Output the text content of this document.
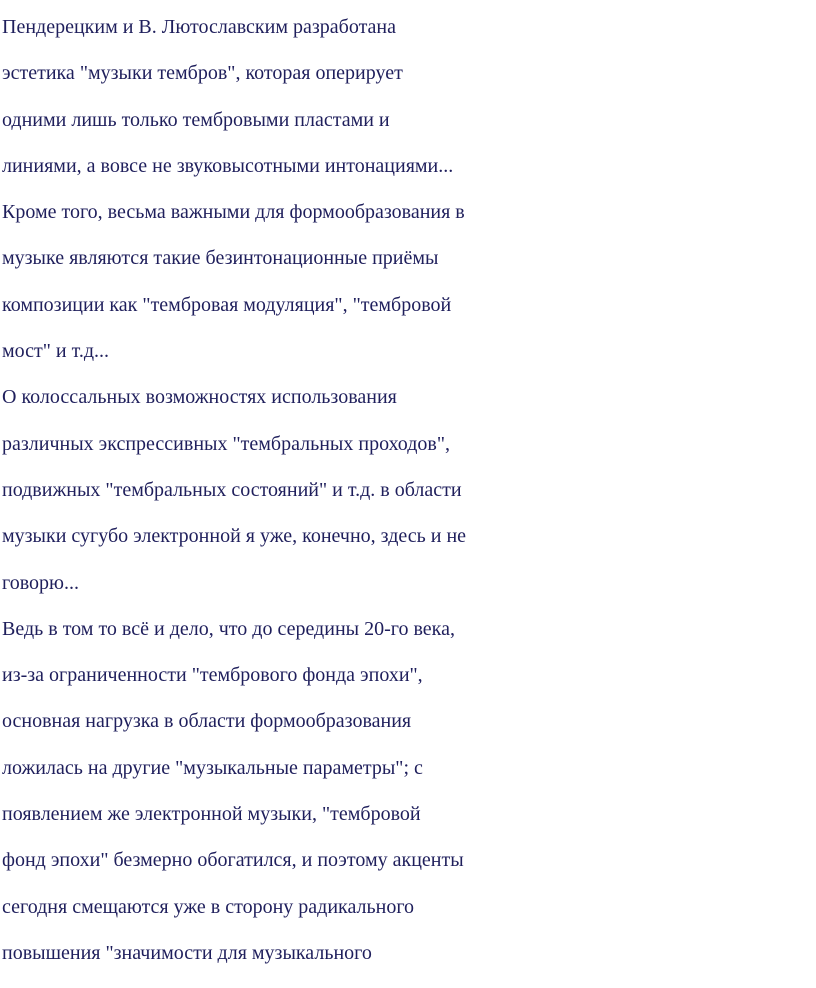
Пендерецким и В. Лютославским разработана
эстетика "музыки тембров", которая оперирует
одними лишь только тембровыми пластами и
линиями, а вовсе не звуковысотными интонациями...
Кроме того, весьма важными для формообразования в
музыке являются такие безинтонационные приёмы
композиции как "тембровая модуляция", "тембровой
мост" и т.д...
О колоссальных возможностях использования
различных экспрессивных "тембральных проходов",
подвижных "тембральных состояний" и т.д. в области
музыки сугубо электронной я уже, конечно, здесь и не
говорю...
Ведь в том то всё и дело, что до середины 20-го века,
из-за ограниченности "тембрового фонда эпохи",
основная нагрузка в области формообразования
ложилась на другие "музыкальные параметры"; с
появлением же электронной музыки, "тембровой
фонд эпохи" безмерно обогатился, и поэтому акценты
сегодня смещаются уже в сторону радикального
повышения "значимости для музыкального
